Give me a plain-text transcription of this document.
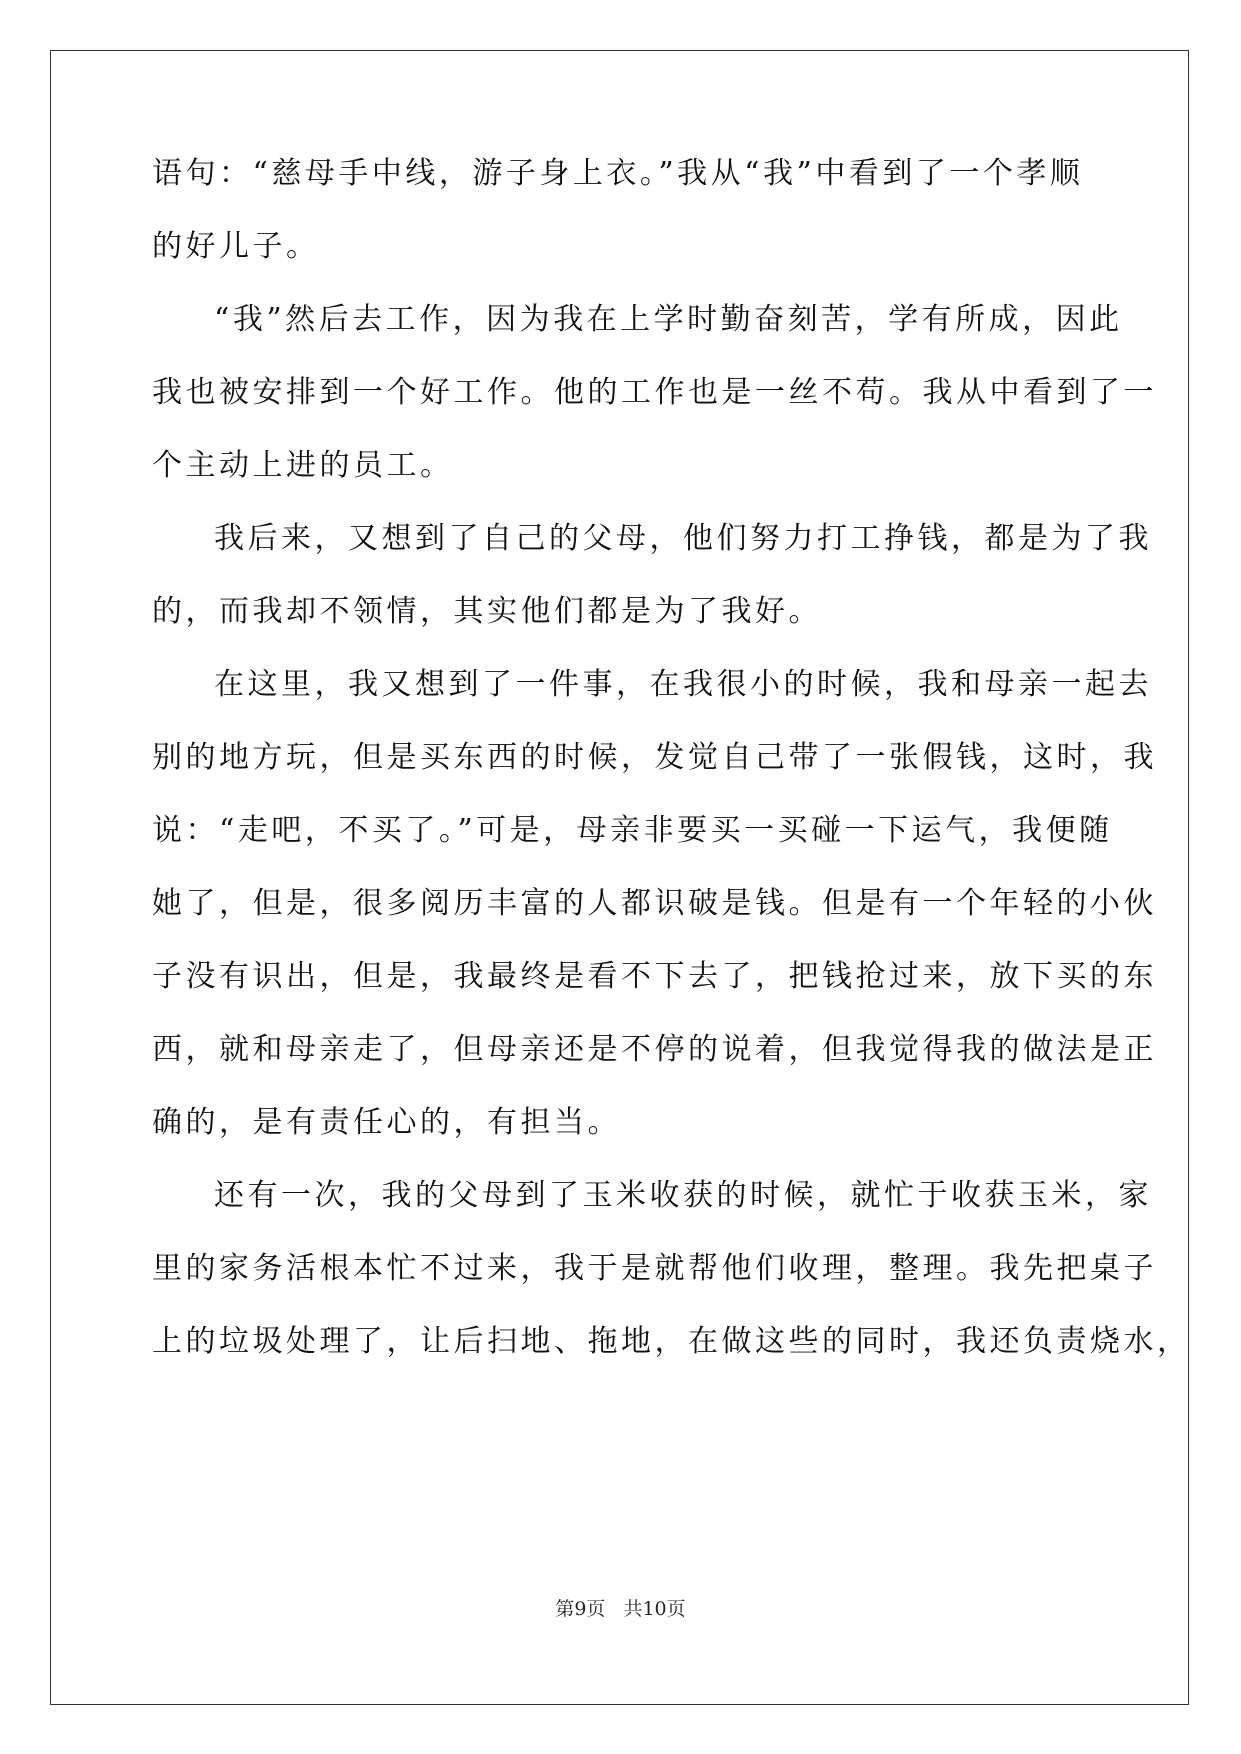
语句：“慈母手中线，游子身上衣。”我从“我”中看到了一个孝顺
的好儿子。
“我”然后去工作，因为我在上学时勤奋刻苦，学有所成，因此
我也被安排到一个好工作。他的工作也是一丝不苟。我从中看到了一
个主动上进的员工。
我后来，又想到了自己的父母，他们努力打工挣钱，都是为了我
的，而我却不领情，其实他们都是为了我好。
在这里，我又想到了一件事，在我很小的时候，我和母亲一起去
别的地方玩，但是买东西的时候，发觉自己带了一张假钱，这时，我
说：“走吧，不买了。”可是，母亲非要买一买碰一下运气，我便随
她了，但是，很多阅历丰富的人都识破是钱。但是有一个年轻的小伙
子没有识出，但是，我最终是看不下去了，把钱抢过来，放下买的东
西，就和母亲走了，但母亲还是不停的说着，但我觉得我的做法是正
确的，是有责任心的，有担当。
还有一次，我的父母到了玉米收获的时候，就忙于收获玉米，家
里的家务活根本忙不过来，我于是就帮他们收理，整理。我先把桌子
上的垃圾处理了，让后扫地、拖地，在做这些的同时，我还负责烧水，
第9页 共10页
